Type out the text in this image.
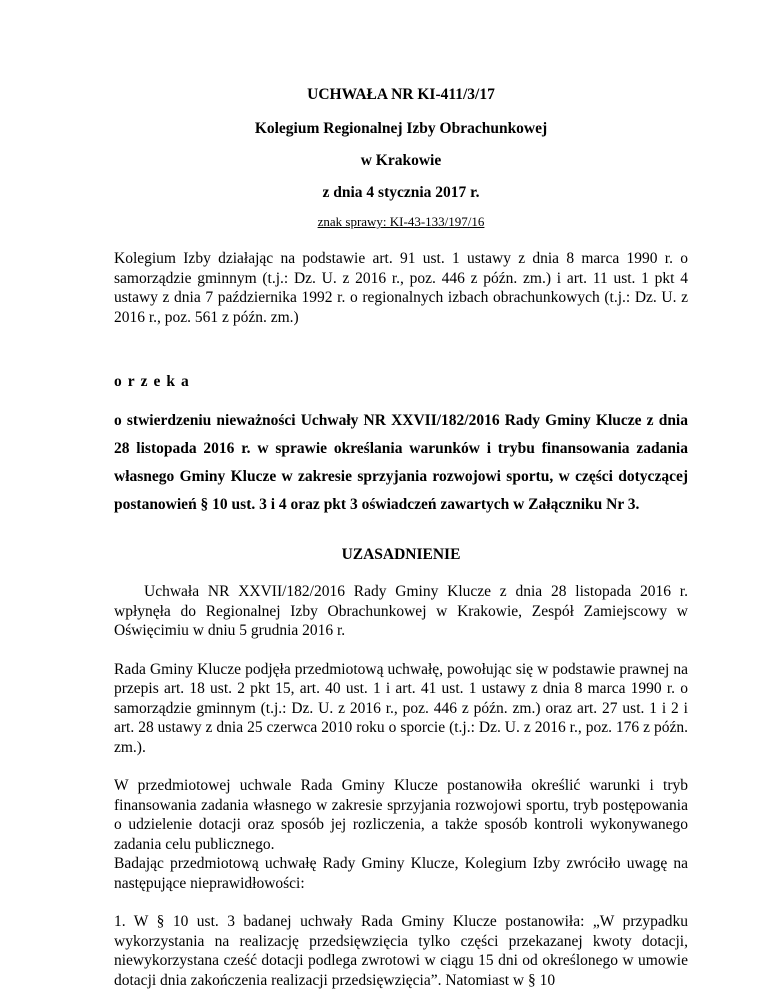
UCHWAŁA NR KI-411/3/17
Kolegium Regionalnej Izby Obrachunkowej
w Krakowie
z dnia 4 stycznia 2017 r.
znak sprawy: KI-43-133/197/16

Kolegium Izby działając na podstawie art. 91 ust. 1 ustawy z dnia 8 marca 1990 r. o samorządzie gminnym (t.j.: Dz. U. z 2016 r., poz. 446 z późn. zm.) i art. 11 ust. 1 pkt 4 ustawy z dnia 7 października 1992 r. o regionalnych izbach obrachunkowych (t.j.: Dz. U. z 2016 r., poz. 561 z późn. zm.)

orzeka

o stwierdzeniu nieważności Uchwały NR XXVII/182/2016 Rady Gminy Klucze z dnia 28 listopada 2016 r. w sprawie określania warunków i trybu finansowania zadania własnego Gminy Klucze w zakresie sprzyjania rozwojowi sportu, w części dotyczącej postanowień § 10 ust. 3 i 4 oraz pkt 3 oświadczeń zawartych w Załączniku Nr 3.

UZASADNIENIE

Uchwała NR XXVII/182/2016 Rady Gminy Klucze z dnia 28 listopada 2016 r. wpłynęła do Regionalnej Izby Obrachunkowej w Krakowie, Zespół Zamiejscowy w Oświęcimiu w dniu 5 grudnia 2016 r.

Rada Gminy Klucze podjęła przedmiotową uchwałę, powołując się w podstawie prawnej na przepis art. 18 ust. 2 pkt 15, art. 40 ust. 1 i art. 41 ust. 1 ustawy z dnia 8 marca 1990 r. o samorządzie gminnym (t.j.: Dz. U. z 2016 r., poz. 446 z późn. zm.) oraz art. 27 ust. 1 i 2 i art. 28 ustawy z dnia 25 czerwca 2010 roku o sporcie (t.j.: Dz. U. z 2016 r., poz. 176 z późn. zm.).

W przedmiotowej uchwale Rada Gminy Klucze postanowiła określić warunki i tryb finansowania zadania własnego w zakresie sprzyjania rozwojowi sportu, tryb postępowania o udzielenie dotacji oraz sposób jej rozliczenia, a także sposób kontroli wykonywanego zadania celu publicznego.

Badając przedmiotową uchwałę Rady Gminy Klucze, Kolegium Izby zwróciło uwagę na następujące nieprawidłowości:

1. W § 10 ust. 3 badanej uchwały Rada Gminy Klucze postanowiła: „W przypadku wykorzystania na realizację przedsięwzięcia tylko części przekazanej kwoty dotacji, niewykorzystana cześć dotacji podlega zwrotowi w ciągu 15 dni od określonego w umowie dotacji dnia zakończenia realizacji przedsięwzięcia”. Natomiast w § 10
